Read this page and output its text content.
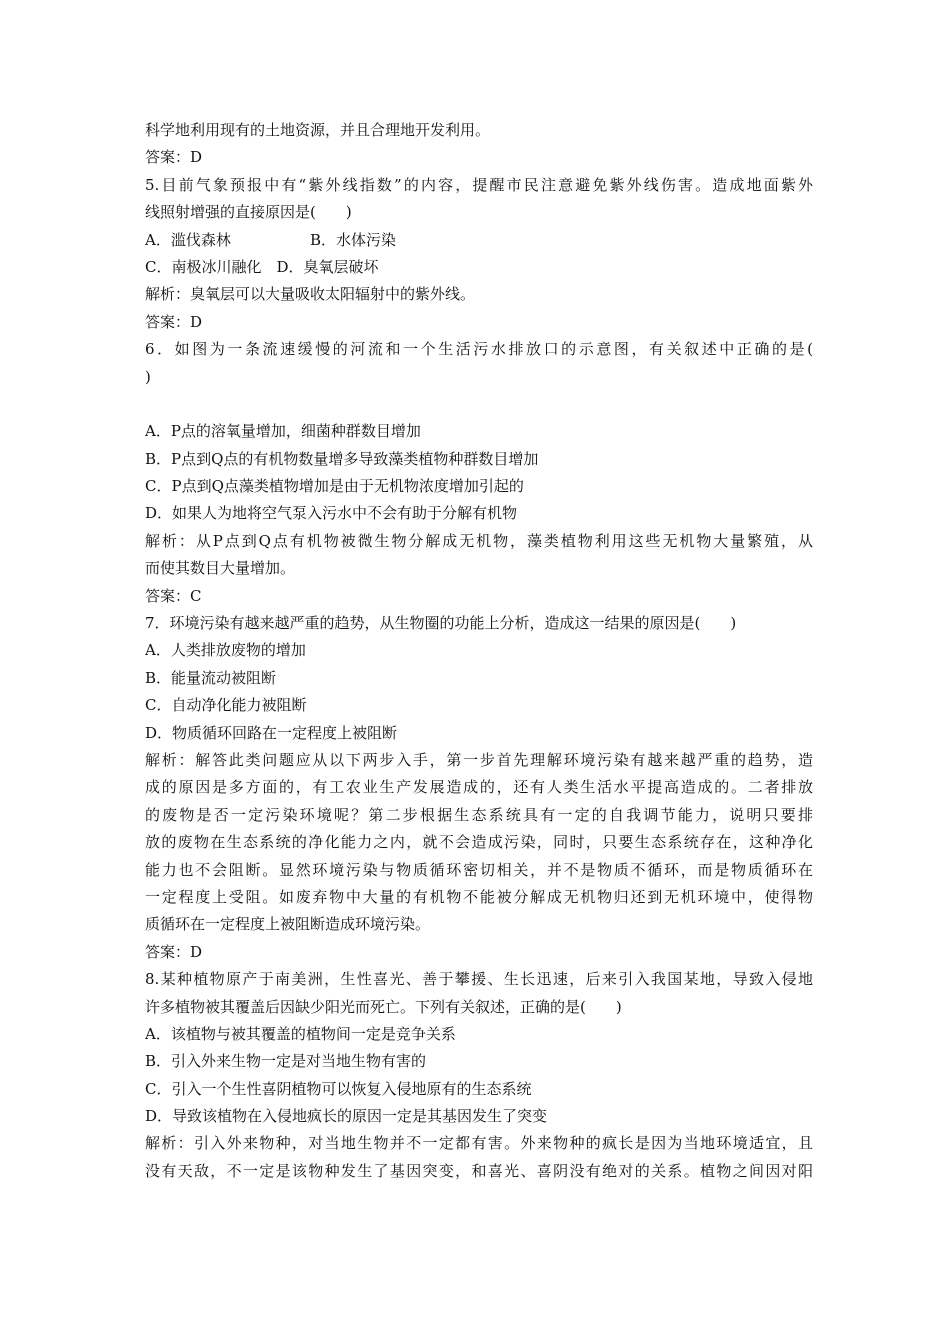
科学地利用现有的土地资源，并且合理地开发利用。
答案：D
5.目前气象预报中有“紫外线指数”的内容，提醒市民注意避免紫外线伤害。造成地面紫外
线照射增强的直接原因是(　　)
A．滥伐森林	B．水体污染
C．南极冰川融化　D．臭氧层破坏
解析：臭氧层可以大量吸收太阳辐射中的紫外线。
答案：D
6．如图为一条流速缓慢的河流和一个生活污水排放口的示意图，有关叙述中正确的是(
)
A．P点的溶氧量增加，细菌种群数目增加
B．P点到Q点的有机物数量增多导致藻类植物种群数目增加
C．P点到Q点藻类植物增加是由于无机物浓度增加引起的
D．如果人为地将空气泵入污水中不会有助于分解有机物
解析：从P点到Q点有机物被微生物分解成无机物，藻类植物利用这些无机物大量繁殖，从
而使其数目大量增加。
答案：C
7．环境污染有越来越严重的趋势，从生物圈的功能上分析，造成这一结果的原因是(　　)
A．人类排放废物的增加
B．能量流动被阻断
C．自动净化能力被阻断
D．物质循环回路在一定程度上被阻断
解析：解答此类问题应从以下两步入手，第一步首先理解环境污染有越来越严重的趋势，造
成的原因是多方面的，有工农业生产发展造成的，还有人类生活水平提高造成的。二者排放
的废物是否一定污染环境呢？第二步根据生态系统具有一定的自我调节能力，说明只要排
放的废物在生态系统的净化能力之内，就不会造成污染，同时，只要生态系统存在，这种净化
能力也不会阻断。显然环境污染与物质循环密切相关，并不是物质不循环，而是物质循环在
一定程度上受阻。如废弃物中大量的有机物不能被分解成无机物归还到无机环境中，使得物
质循环在一定程度上被阻断造成环境污染。
答案：D
8.某种植物原产于南美洲，生性喜光、善于攀援、生长迅速，后来引入我国某地，导致入侵地
许多植物被其覆盖后因缺少阳光而死亡。下列有关叙述，正确的是(　　)
A．该植物与被其覆盖的植物间一定是竞争关系
B．引入外来生物一定是对当地生物有害的
C．引入一个生性喜阴植物可以恢复入侵地原有的生态系统
D．导致该植物在入侵地疯长的原因一定是其基因发生了突变
解析：引入外来物种，对当地生物并不一定都有害。外来物种的疯长是因为当地环境适宜，且
没有天敌，不一定是该物种发生了基因突变，和喜光、喜阴没有绝对的关系。植物之间因对阳
